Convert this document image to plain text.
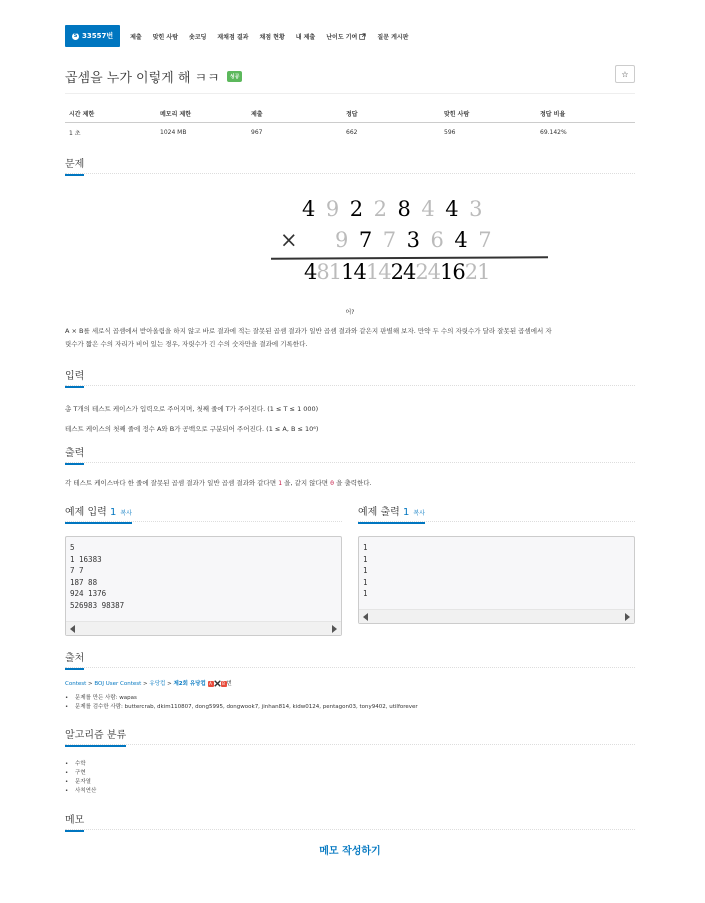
S 33557번	제출 맞힌 사람 숏코딩 재채점 결과 채점 현황 내 제출 난이도 기여	질문 게시판
곱셈을 누가 이렇게 해 ㅋㅋ 성공	☆
시간 제한	메모리 제한	제출	정답	맞힌 사람	정답 비율
1 초	1024 MB	967	662	596	69.142%
문제
4 9 2 2 8 4 4 3
× 9 7 7 3 6 4 7
481141424241621
어?
A × B를 세로식 곱셈에서 받아올림을 하지 않고 바로 결과에 적는 잘못된 곱셈 결과가 일반 곱셈 결과와 같은지 판별해 보자. 만약 두 수의 자릿수가 달라 잘못된 곱셈에서 자
릿수가 짧은 수의 자리가 비어 있는 경우, 자릿수가 긴 수의 숫자만을 결과에 기록한다.
입력
총 T개의 테스트 케이스가 입력으로 주어지며, 첫째 줄에 T가 주어진다. (1 ≤ T ≤ 1 000)
테스트 케이스의 첫째 줄에 정수 A와 B가 공백으로 구분되어 주어진다. (1 ≤ A, B ≤ 10⁶)
출력
각 테스트 케이스마다 한 줄에 잘못된 곱셈 결과가 일반 곱셈 결과와 같다면 1 을, 같지 않다면 0 을 출력한다.
예제 입력 1 복사	예제 출력 1 복사
5
1 16383
7 7
187 88
924 1376
526983 98387
1
1
1
1
1
출처
Contest > BOJ User Contest > 유당컵 > 제2회 유당컵 A	B 번
• 문제를 만든 사람: wapas
• 문제를 검수한 사람: buttercrab, dkim110807, dong5995, dongwook7, jinhan814, kidw0124, pentagon03, tony9402, utilforever
알고리즘 분류
• 수학
• 구현
• 문자열
• 사칙연산
메모
메모 작성하기
